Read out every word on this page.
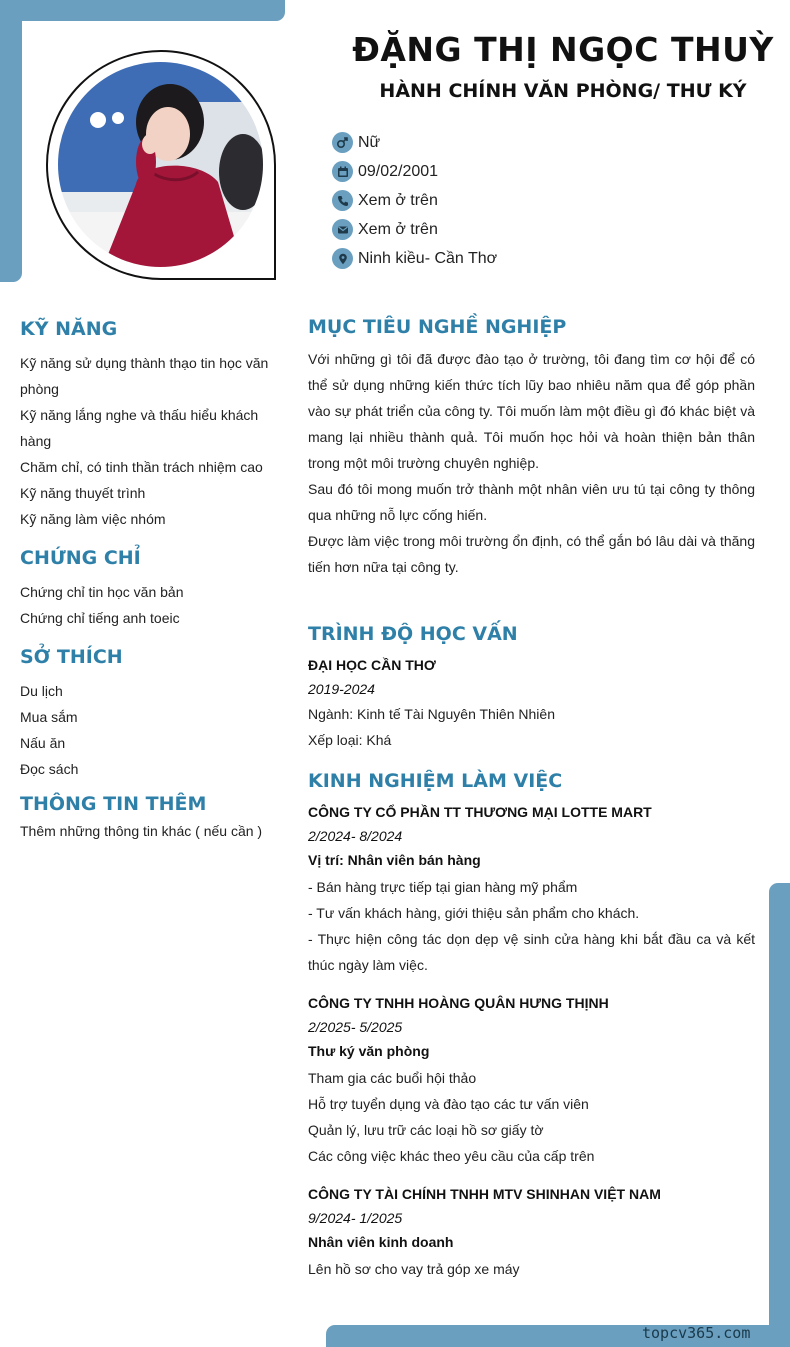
ĐẶNG THỊ NGỌC THUỲ
HÀNH CHÍNH VĂN PHÒNG/ THƯ KÝ
Nữ
09/02/2001
Xem ở trên
Xem ở trên
Ninh kiều- Cần Thơ
KỸ NĂNG
Kỹ năng sử dụng thành thạo tin học văn phòng
Kỹ năng lắng nghe và thấu hiểu khách hàng
Chăm chỉ, có tinh thần trách nhiệm cao
Kỹ năng thuyết trình
Kỹ năng làm việc nhóm
CHỨNG CHỈ
Chứng chỉ tin học văn bản
Chứng chỉ tiếng anh toeic
SỞ THÍCH
Du lịch
Mua sắm
Nấu ăn
Đọc sách
THÔNG TIN THÊM
Thêm những thông tin khác ( nếu cần )
MỤC TIÊU NGHỀ NGHIỆP
Với những gì tôi đã được đào tạo ở trường, tôi đang tìm cơ hội để có thể sử dụng những kiến thức tích lũy bao nhiêu năm qua để góp phần vào sự phát triển của công ty. Tôi muốn làm một điều gì đó khác biệt và mang lại nhiều thành quả. Tôi muốn học hỏi và hoàn thiện bản thân trong một môi trường chuyên nghiệp.
Sau đó tôi mong muốn trở thành một nhân viên ưu tú tại công ty thông qua những nỗ lực cống hiến.
Được làm việc trong môi trường ổn định, có thể gắn bó lâu dài và thăng tiến hơn nữa tại công ty.
TRÌNH ĐỘ HỌC VẤN
ĐẠI HỌC CẦN THƠ
2019-2024
Ngành: Kinh tế Tài Nguyên Thiên Nhiên
Xếp loại: Khá
KINH NGHIỆM LÀM VIỆC
CÔNG TY CỔ PHẦN TT THƯƠNG MẠI LOTTE MART
2/2024- 8/2024
Vị trí: Nhân viên bán hàng
- Bán hàng trực tiếp tại gian hàng mỹ phẩm
- Tư vấn khách hàng, giới thiệu sản phẩm cho khách.
- Thực hiện công tác dọn dẹp vệ sinh cửa hàng khi bắt đầu ca và kết thúc ngày làm việc.
CÔNG TY TNHH HOÀNG QUÂN HƯNG THỊNH
2/2025- 5/2025
Thư ký văn phòng
Tham gia các buổi hội thảo
Hỗ trợ tuyển dụng và đào tạo các tư vấn viên
Quản lý, lưu trữ các loại hồ sơ giấy tờ
Các công việc khác theo yêu cầu của cấp trên
CÔNG TY TÀI CHÍNH TNHH MTV SHINHAN VIỆT NAM
9/2024- 1/2025
Nhân viên kinh doanh
Lên hồ sơ cho vay trả góp xe máy
topcv365.com
